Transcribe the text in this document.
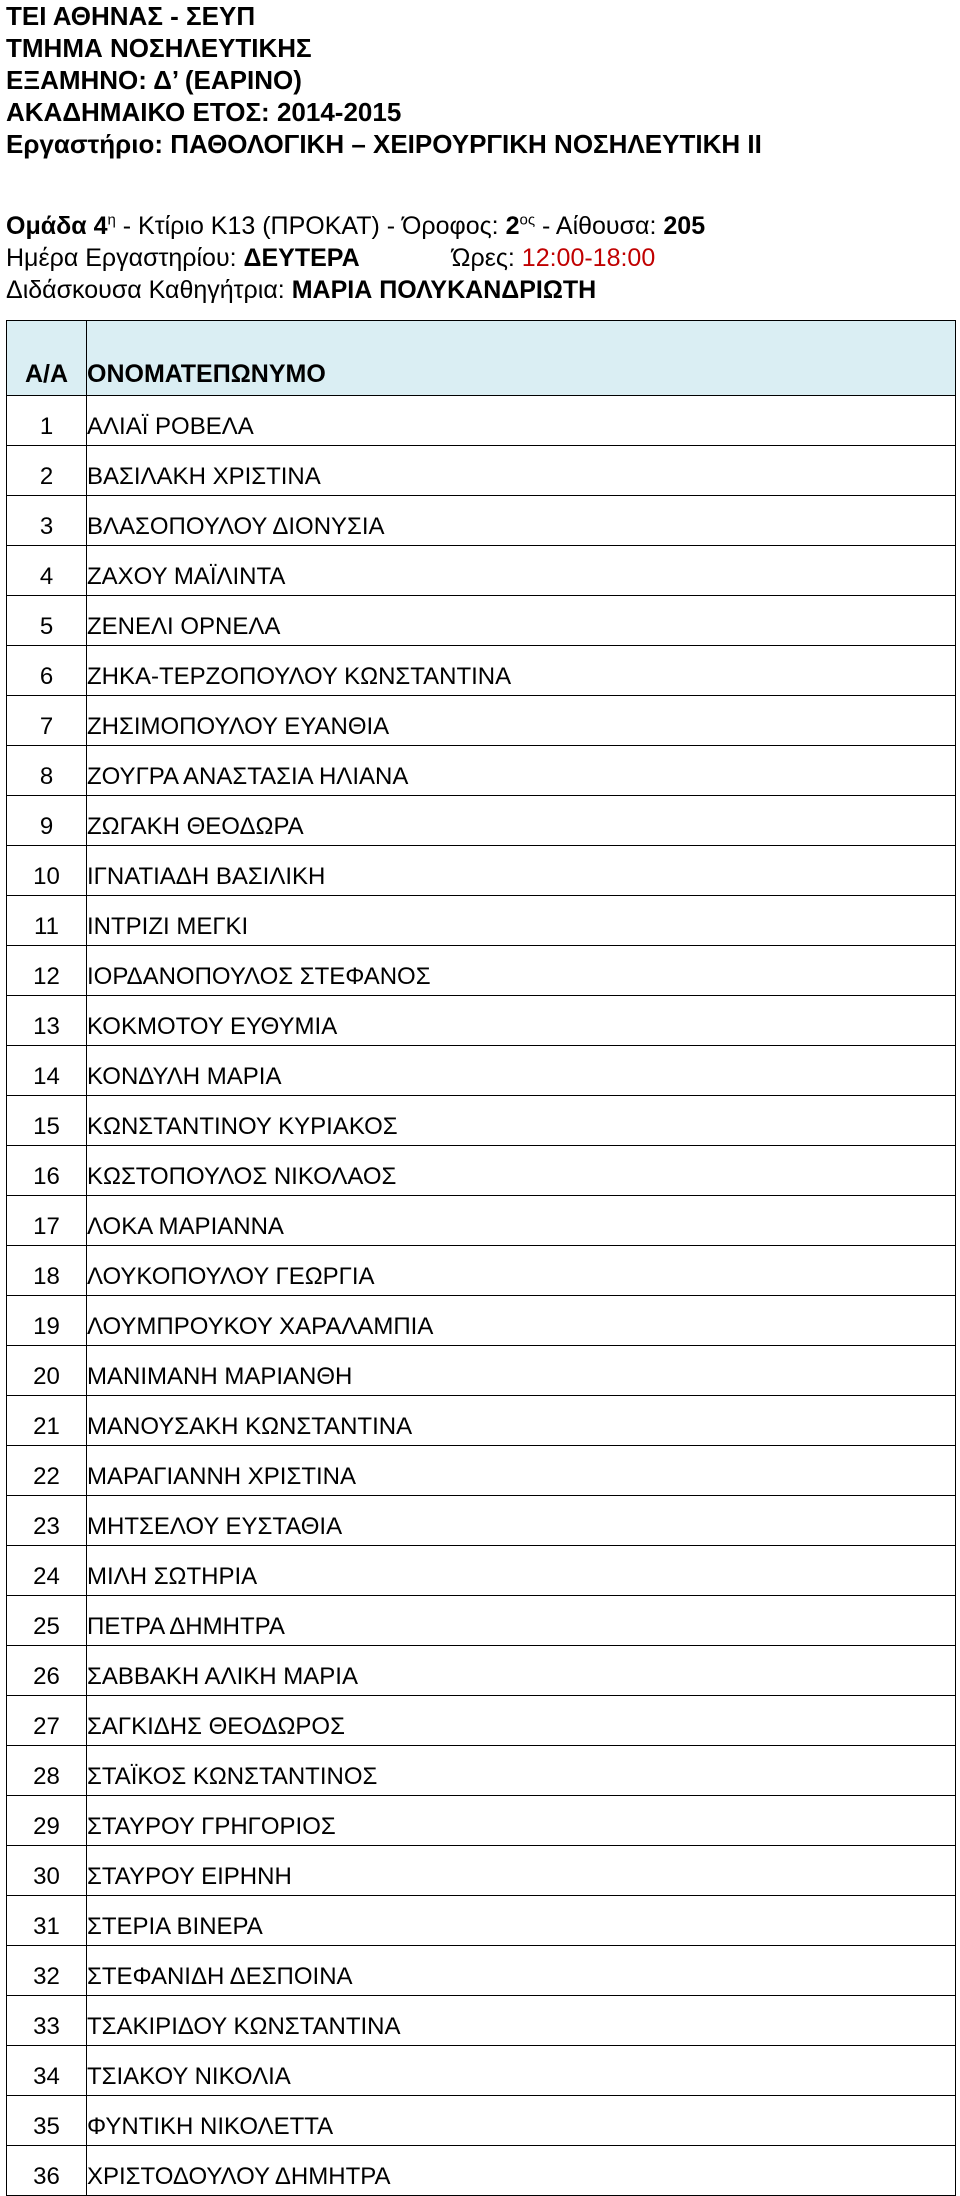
ΤΕΙ ΑΘΗΝΑΣ - ΣΕΥΠ
ΤΜΗΜΑ ΝΟΣΗΛΕΥΤΙΚΗΣ
ΕΞΑΜΗΝΟ: Δ’ (ΕΑΡΙΝΟ)
ΑΚΑΔΗΜΑΙΚΟ ΕΤΟΣ: 2014-2015
Εργαστήριο: ΠΑΘΟΛΟΓΙΚΗ – ΧΕΙΡΟΥΡΓΙΚΗ ΝΟΣΗΛΕΥΤΙΚΗ ΙΙ
Ομάδα $4^\eta$ - Κτίριο Κ13 (ΠΡΟΚΑΤ) - Όροφος: $2^{o\varsigma}$ - Αίθουσα: 205
Ημέρα Εργαστηρίου: ΔΕΥΤΕΡΑ	Ώρες: 12:00-18:00
Διδάσκουσα Καθηγήτρια: ΜΑΡΙΑ ΠΟΛΥΚΑΝΔΡΙΩΤΗ
Α/Α	ΟΝΟΜΑΤΕΠΩΝΥΜΟ
1	ΑΛΙΑΪ ΡΟΒΕΛΑ
2	ΒΑΣΙΛΑΚΗ ΧΡΙΣΤΙΝΑ
3	ΒΛΑΣΟΠΟΥΛΟΥ ΔΙΟΝΥΣΙΑ
4	ΖΑΧΟΥ ΜΑΪΛΙΝΤΑ
5	ΖΕΝΕΛΙ ΟΡΝΕΛΑ
6	ΖΗΚΑ-ΤΕΡΖΟΠΟΥΛΟΥ ΚΩΝΣΤΑΝΤΙΝΑ
7	ΖΗΣΙΜΟΠΟΥΛΟΥ ΕΥΑΝΘΙΑ
8	ΖΟΥΓΡΑ ΑΝΑΣΤΑΣΙΑ ΗΛΙΑΝΑ
9	ΖΩΓΑΚΗ ΘΕΟΔΩΡΑ
10	ΙΓΝΑΤΙΑΔΗ ΒΑΣΙΛΙΚΗ
11	ΙΝΤΡΙΖΙ ΜΕΓΚΙ
12	ΙΟΡΔΑΝΟΠΟΥΛΟΣ ΣΤΕΦΑΝΟΣ
13	ΚΟΚΜΟΤΟΥ ΕΥΘΥΜΙΑ
14	ΚΟΝΔΥΛΗ ΜΑΡΙΑ
15	ΚΩΝΣΤΑΝΤΙΝΟΥ ΚΥΡΙΑΚΟΣ
16	ΚΩΣΤΟΠΟΥΛΟΣ ΝΙΚΟΛΑΟΣ
17	ΛΟΚΑ ΜΑΡΙΑΝΝΑ
18	ΛΟΥΚΟΠΟΥΛΟΥ ΓΕΩΡΓΙΑ
19	ΛΟΥΜΠΡΟΥΚΟΥ ΧΑΡΑΛΑΜΠΙΑ
20	ΜΑΝΙΜΑΝΗ ΜΑΡΙΑΝΘΗ
21	ΜΑΝΟΥΣΑΚΗ ΚΩΝΣΤΑΝΤΙΝΑ
22	ΜΑΡΑΓΙΑΝΝΗ ΧΡΙΣΤΙΝΑ
23	ΜΗΤΣΕΛΟΥ ΕΥΣΤΑΘΙΑ
24	ΜΙΛΗ ΣΩΤΗΡΙΑ
25	ΠΕΤΡΑ ΔΗΜΗΤΡΑ
26	ΣΑΒΒΑΚΗ ΑΛΙΚΗ ΜΑΡΙΑ
27	ΣΑΓΚΙΔΗΣ ΘΕΟΔΩΡΟΣ
28	ΣΤΑΪΚΟΣ ΚΩΝΣΤΑΝΤΙΝΟΣ
29	ΣΤΑΥΡΟΥ ΓΡΗΓΟΡΙΟΣ
30	ΣΤΑΥΡΟΥ ΕΙΡΗΝΗ
31	ΣΤΕΡΙΑ ΒΙΝΕΡΑ
32	ΣΤΕΦΑΝΙΔΗ ΔΕΣΠΟΙΝΑ
33	ΤΣΑΚΙΡΙΔΟΥ ΚΩΝΣΤΑΝΤΙΝΑ
34	ΤΣΙΑΚΟΥ ΝΙΚΟΛΙΑ
35	ΦΥΝΤΙΚΗ ΝΙΚΟΛΕΤΤΑ
36	ΧΡΙΣΤΟΔΟΥΛΟΥ ΔΗΜΗΤΡΑ
